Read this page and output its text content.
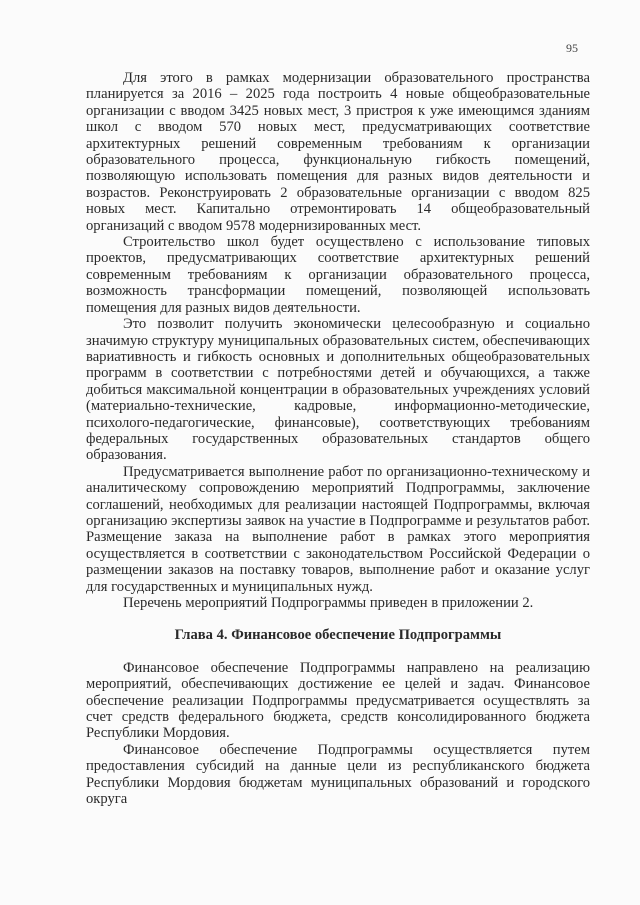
95

Для этого в рамках модернизации образовательного пространства планируется за 2016 – 2025 года построить 4 новые общеобразовательные организации с вводом 3425 новых мест, 3 пристроя к уже имеющимся зданиям школ с вводом 570 новых мест, предусматривающих соответствие архитектурных решений современным требованиям к организации образовательного процесса, функциональную гибкость помещений, позволяющую использовать помещения для разных видов деятельности и возрастов. Реконструировать 2 образовательные организации с вводом 825 новых мест. Капитально отремонтировать 14 общеобразовательный организаций с вводом 9578 модернизированных мест.

Строительство школ будет осуществлено с использование типовых проектов, предусматривающих соответствие архитектурных решений современным требованиям к организации образовательного процесса, возможность трансформации помещений, позволяющей использовать помещения для разных видов деятельности.

Это позволит получить экономически целесообразную и социально значимую структуру муниципальных образовательных систем, обеспечивающих вариативность и гибкость основных и дополнительных общеобразовательных программ в соответствии с потребностями детей и обучающихся, а также добиться максимальной концентрации в образовательных учреждениях условий (материально-технические, кадровые, информационно-методические, психолого-педагогические, финансовые), соответствующих требованиям федеральных государственных образовательных стандартов общего образования.

Предусматривается выполнение работ по организационно-техническому и аналитическому сопровождению мероприятий Подпрограммы, заключение соглашений, необходимых для реализации настоящей Подпрограммы, включая организацию экспертизы заявок на участие в Подпрограмме и результатов работ. Размещение заказа на выполнение работ в рамках этого мероприятия осуществляется в соответствии с законодательством Российской Федерации о размещении заказов на поставку товаров, выполнение работ и оказание услуг для государственных и муниципальных нужд.

Перечень мероприятий Подпрограммы приведен в приложении 2.

Глава 4. Финансовое обеспечение Подпрограммы

Финансовое обеспечение Подпрограммы направлено на реализацию мероприятий, обеспечивающих достижение ее целей и задач. Финансовое обеспечение реализации Подпрограммы предусматривается осуществлять за счет средств федерального бюджета, средств консолидированного бюджета Республики Мордовия.

Финансовое обеспечение Подпрограммы осуществляется путем предоставления субсидий на данные цели из республиканского бюджета Республики Мордовия бюджетам муниципальных образований и городского округа
